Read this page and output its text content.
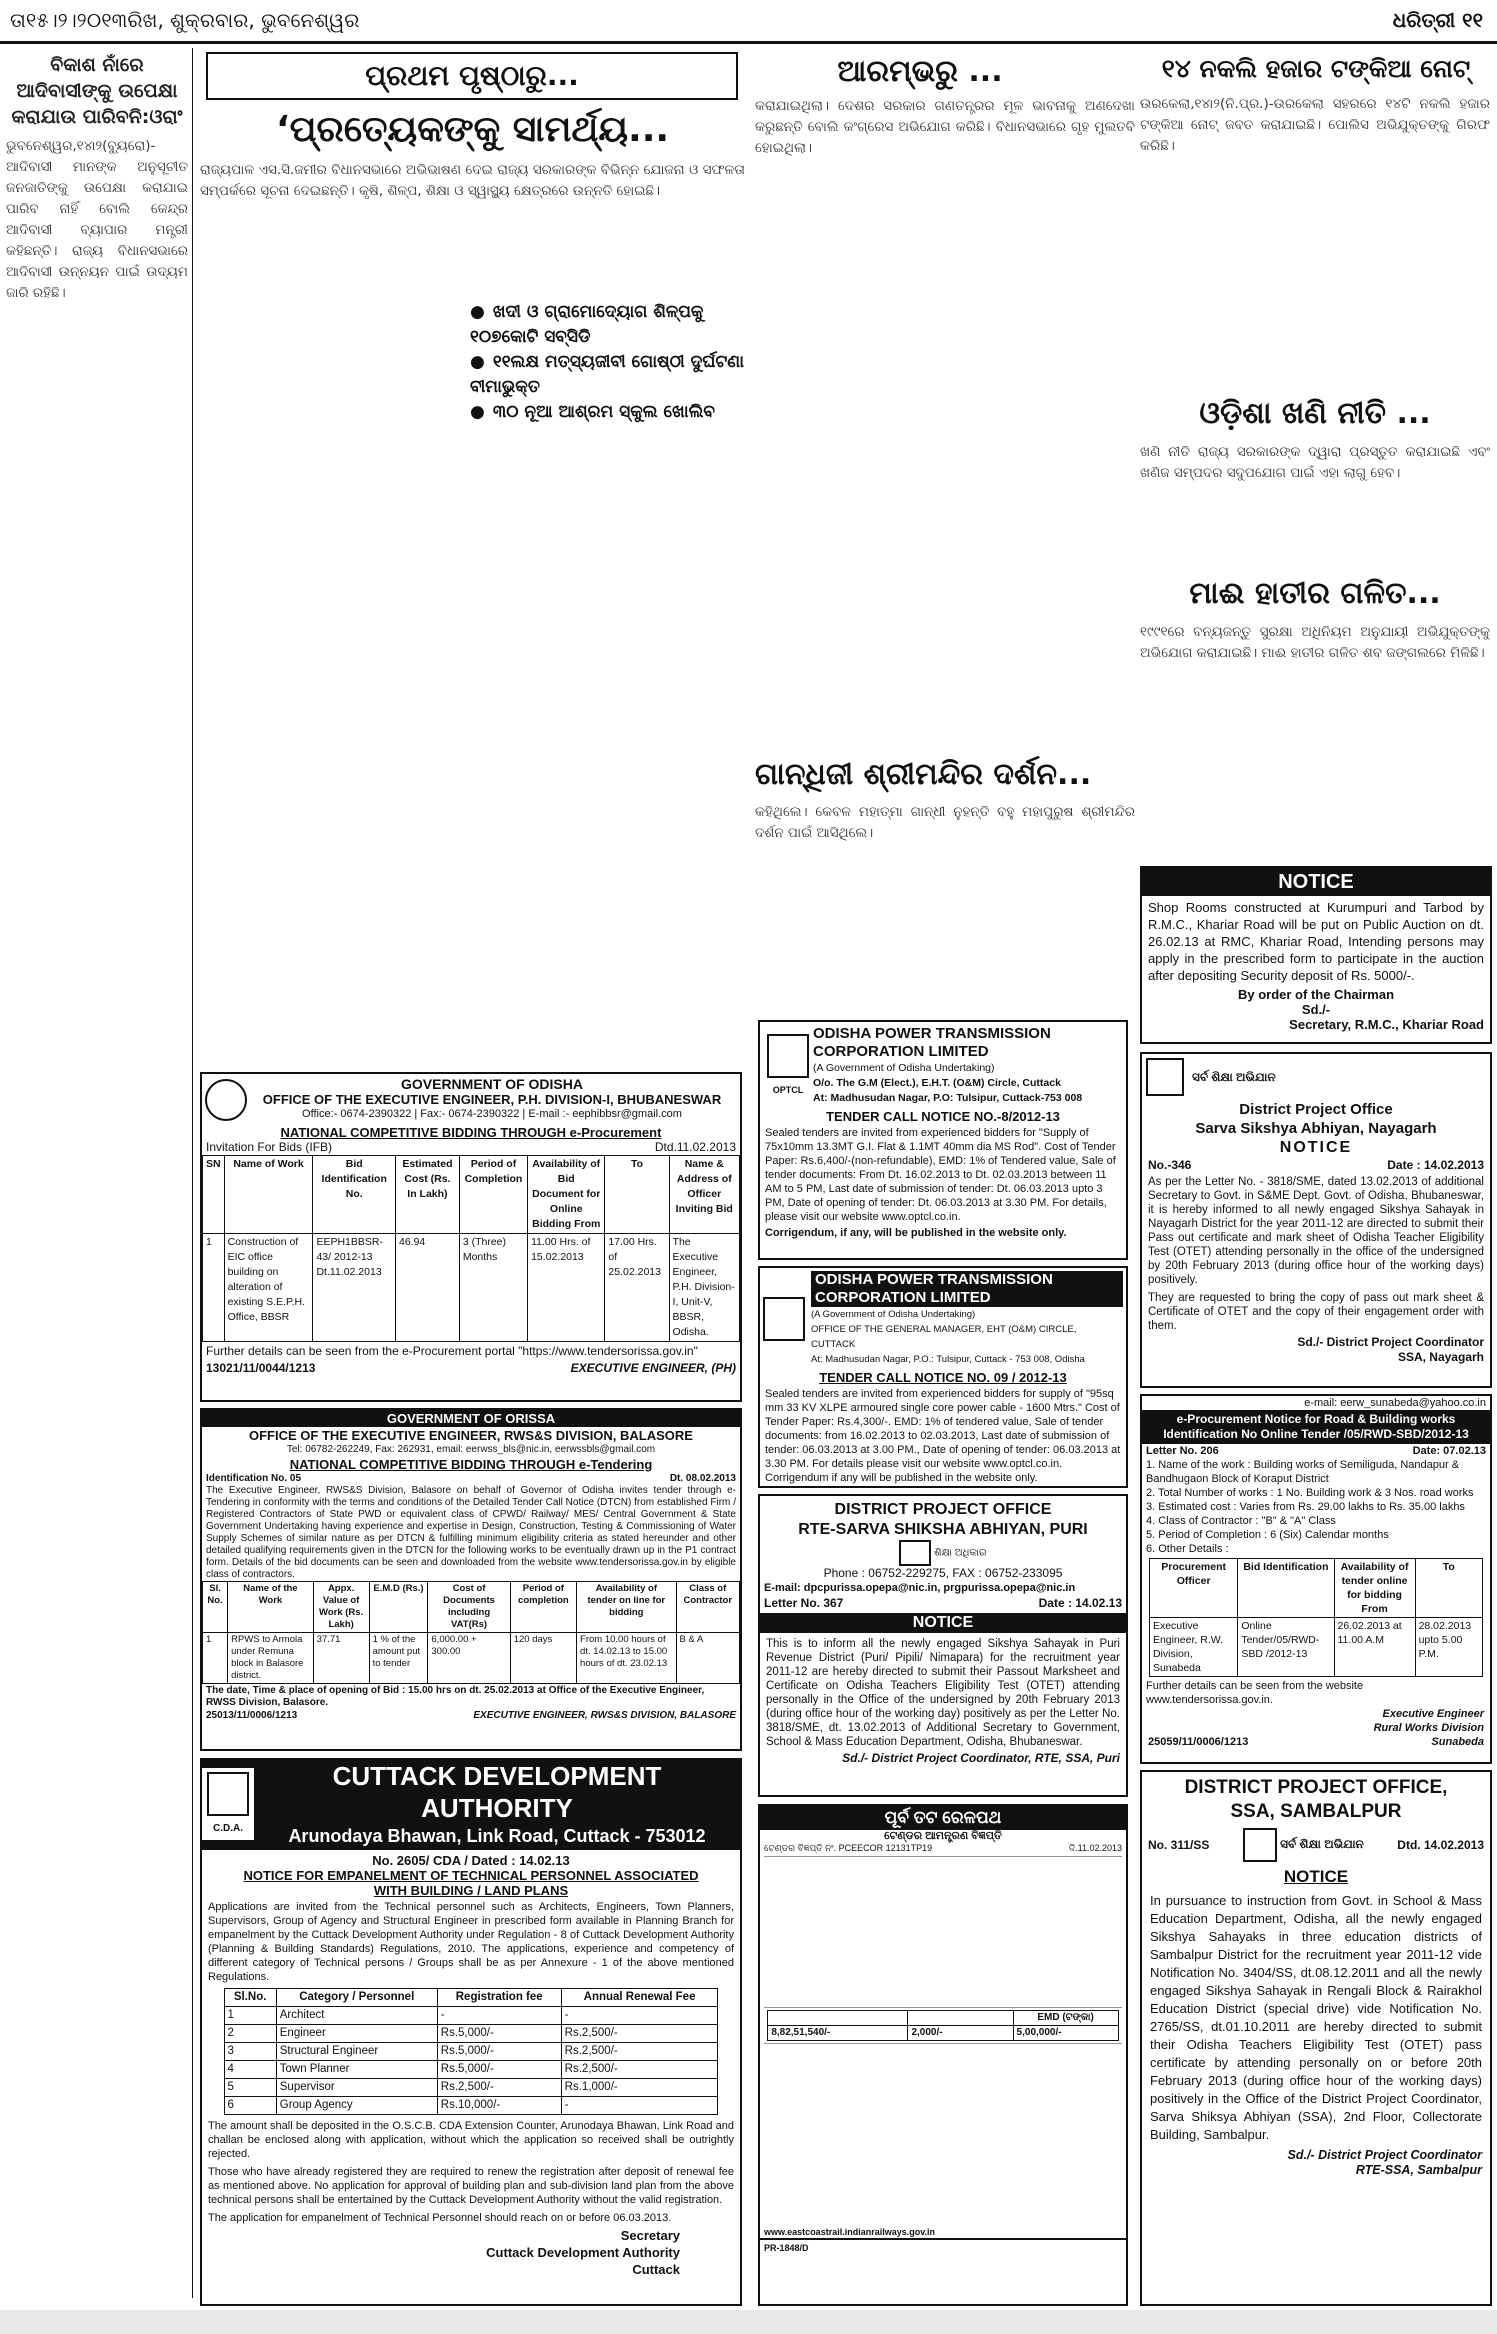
ତା୧୫।୨।୨୦୧୩ରିଖ, ଶୁକ୍ରବାର, ଭୁବନେଶ୍ୱର	ଧରିତ୍ରୀ ୧୧
ବିକାଶ ନାଁରେ ଆଦିବାସୀଙ୍କୁ ଉପେକ୍ଷା କରାଯାଉ ପାରିବନି:ଓରାଂ
ଭୁବନେଶ୍ୱର,୧୪ା୨(ବ୍ୟୁରୋ)- ଆଦିବାସୀ ମାନଙ୍କ ଅନୁସୂଚୀତ ଜନଜାତିଙ୍କୁ ଉପେକ୍ଷା କରାଯାଇ ପାରିବ ନାହିଁ ବୋଲି କେନ୍ଦ୍ର ଆଦିବାସୀ ବ୍ୟାପାର ମନ୍ତ୍ରୀ କହିଛନ୍ତି। ରାଜ୍ୟ ବିଧାନସଭାରେ ଆଦିବାସୀ ଉନ୍ନୟନ ପାଇଁ ଉଦ୍ୟମ ଜାରି ରହିଛି।
ପ୍ରଥମ ପୃଷ୍ଠାରୁ...
‘ପ୍ରତ୍ୟେକଙ୍କୁ ସାମର୍ଥ୍ୟ...
ରାଜ୍ୟପାଳ ଏସ.ସି.ଜମୀର ବିଧାନସଭାରେ ଅଭିଭାଷଣ ଦେଇ ରାଜ୍ୟ ସରକାରଙ୍କ ବିଭିନ୍ନ ଯୋଜନା ଓ ସଫଳତା ସମ୍ପର୍କରେ ସୂଚନା ଦେଇଛନ୍ତି। କୃଷି, ଶିଳ୍ପ, ଶିକ୍ଷା ଓ ସ୍ୱାସ୍ଥ୍ୟ କ୍ଷେତ୍ରରେ ଉନ୍ନତି ହୋଇଛି।
● ଖଦୀ ଓ ଗ୍ରାମୋଦ୍ୟୋଗ ଶିଳ୍ପକୁ ୧୦୭କୋଟି ସବ୍‌ସିଡି
● ୧୧ଲକ୍ଷ ମତ୍ସ୍ୟଜୀବୀ ଗୋଷ୍ଠୀ ଦୁର୍ଘଟଣା ବୀମାଭୁକ୍ତ
● ୩୦ ନୂଆ ଆଶ୍ରମ ସ୍କୁଲ ଖୋଲିବ
ଆରମ୍ଭରୁ ...
କରାଯାଇଥିଲା। ଦେଶର ସରକାର ଗଣତନ୍ତ୍ରର ମୂଳ ଭାବନାକୁ ଅଣଦେଖା କରୁଛନ୍ତି ବୋଲି କଂଗ୍ରେସ ଅଭିଯୋଗ କରିଛି। ବିଧାନସଭାରେ ଗୃହ ମୁଲତବି ହୋଇଥିଲା।
ଗାନ୍ଧିଜୀ ଶ୍ରୀମନ୍ଦିର ଦର୍ଶନ...
କହିଥିଲେ। କେବଳ ମହାତ୍ମା ଗାନ୍ଧୀ ନୁହନ୍ତି ବହୁ ମହାପୁରୁଷ ଶ୍ରୀମନ୍ଦିର ଦର୍ଶନ ପାଇଁ ଆସିଥିଲେ।
୧୪ ନକଲି ହଜାର ଟଙ୍କିଆ ନୋଟ୍
ଉରକେଲା,୧୪ା୨(ନି.ପ୍ର.)-ଉରକେଲା ସହରରେ ୧୪ଟି ନକଲି ହଜାର ଟଙ୍କିଆ ନୋଟ୍ ଜବତ କରାଯାଇଛି। ପୋଲିସ ଅଭିଯୁକ୍ତଙ୍କୁ ଗିରଫ କରିଛି।
ଓଡ଼ିଶା ଖଣି ନୀତି ...
ଖଣି ନୀତି ରାଜ୍ୟ ସରକାରଙ୍କ ଦ୍ୱାରା ପ୍ରସ୍ତୁତ କରାଯାଇଛି ଏବଂ ଖଣିଜ ସମ୍ପଦର ସଦୁପଯୋଗ ପାଇଁ ଏହା ଲାଗୁ ହେବ।
ମାଈ ହାତୀର ଗଳିତ...
୧୯୯୧ରେ ବନ୍ୟଜନ୍ତୁ ସୁରକ୍ଷା ଅଧିନିୟମ ଅନୁଯାୟୀ ଅଭିଯୁକ୍ତଙ୍କୁ ଅଭିଯୋଗ କରାଯାଇଛି। ମାଈ ହାତୀର ଗଳିତ ଶବ ଜଙ୍ଗଲରେ ମିଳିଛି।
GOVERNMENT OF ODISHA
OFFICE OF THE EXECUTIVE ENGINEER, P.H. DIVISION-I, BHUBANESWAR
Office:- 0674-2390322 | Fax:- 0674-2390322 | E-mail :- eephibbsr@gmail.com
NATIONAL COMPETITIVE BIDDING THROUGH e-Procurement
Invitation For Bids (IFB)	Dtd.11.02.2013
SN	Name of Work	Bid Identification No.	Estimated Cost (Rs. In Lakh)	Period of Completion	Availability of Bid Document for Online Bidding From	To	Name & Address of Officer Inviting Bid
1	Construction of EIC office building on alteration of existing S.E.P.H. Office, BBSR	EEPH1BBSR-43/ 2012-13 Dt.11.02.2013	46.94	3 (Three) Months	11.00 Hrs. of 15.02.2013	17.00 Hrs. of 25.02.2013	The Executive Engineer, P.H. Division-I, Unit-V, BBSR, Odisha.
Further details can be seen from the e-Procurement portal "https://www.tendersorissa.gov.in"
13021/11/0044/1213	EXECUTIVE ENGINEER, (PH)
GOVERNMENT OF ORISSA
OFFICE OF THE EXECUTIVE ENGINEER, RWS&S DIVISION, BALASORE
Tel: 06782-262249, Fax: 262931, email: eerwss_bls@nic.in, eerwssbls@gmail.com
NATIONAL COMPETITIVE BIDDING THROUGH e-Tendering
Identification No. 05	Dt. 08.02.2013
The Executive Engineer, RWS&S Division, Balasore on behalf of Governor of Odisha invites tender through e-Tendering in conformity with the terms and conditions of the Detailed Tender Call Notice (DTCN) from established Firm / Registered Contractors of State PWD or equivalent class of CPWD/ Railway/ MES/ Central Government & State Government Undertaking having experience and expertise in Design, Construction, Testing & Commissioning of Water Supply Schemes of similar nature as per DTCN & fulfilling minimum eligibility criteria as stated hereunder and other detailed qualifying requirements given in the DTCN for the following works to be eventually drawn up in the P1 contract form. Details of the bid documents can be seen and downloaded from the website www.tendersorissa.gov.in by eligible class of contractors.
Sl. No.	Name of the Work	Appx. Value of Work (Rs. Lakh)	E.M.D (Rs.)	Cost of Documents including VAT(Rs)	Period of completion	Availability of tender on line for bidding	Class of Contractor
1	RPWS to Armola under Remuna block in Balasore district.	37.71	1 % of the amount put to tender	6,000.00 + 300.00	120 days	From 10.00 hours of dt. 14.02.13 to 15.00 hours of dt. 23.02.13	B & A
The date, Time & place of opening of Bid : 15.00 hrs on dt. 25.02.2013 at Office of the Executive Engineer, RWSS Division, Balasore.
25013/11/0006/1213	EXECUTIVE ENGINEER, RWS&S DIVISION, BALASORE
C.D.A.
CUTTACK DEVELOPMENT AUTHORITY
Arunodaya Bhawan, Link Road, Cuttack - 753012
No. 2605/ CDA / Dated : 14.02.13
NOTICE FOR EMPANELMENT OF TECHNICAL PERSONNEL ASSOCIATED WITH BUILDING / LAND PLANS
Applications are invited from the Technical personnel such as Architects, Engineers, Town Planners, Supervisors, Group of Agency and Structural Engineer in prescribed form available in Planning Branch for empanelment by the Cuttack Development Authority under Regulation - 8 of Cuttack Development Authority (Planning & Building Standards) Regulations, 2010. The applications, experience and competency of different category of Technical persons / Groups shall be as per Annexure - 1 of the above mentioned Regulations.
Sl.No.	Category / Personnel	Registration fee	Annual Renewal Fee
1	Architect	-	-
2	Engineer	Rs.5,000/-	Rs.2,500/-
3	Structural Engineer	Rs.5,000/-	Rs.2,500/-
4	Town Planner	Rs.5,000/-	Rs.2,500/-
5	Supervisor	Rs.2,500/-	Rs.1,000/-
6	Group Agency	Rs.10,000/-	-
The amount shall be deposited in the O.S.C.B. CDA Extension Counter, Arunodaya Bhawan, Link Road and challan be enclosed along with application, without which the application so received shall be outrightly rejected.
Those who have already registered they are required to renew the registration after deposit of renewal fee as mentioned above. No application for approval of building plan and sub-division land plan from the above technical persons shall be entertained by the Cuttack Development Authority without the valid registration.
The application for empanelment of Technical Personnel should reach on or before 06.03.2013.
Secretary
Cuttack Development Authority
Cuttack
OPTCL
ODISHA POWER TRANSMISSION
CORPORATION LIMITED
(A Government of Odisha Undertaking)
O/o. The G.M (Elect.), E.H.T. (O&M) Circle, Cuttack
At: Madhusudan Nagar, P.O: Tulsipur, Cuttack-753 008
TENDER CALL NOTICE NO.-8/2012-13
Sealed tenders are invited from experienced bidders for "Supply of 75x10mm 13.3MT G.I. Flat & 1.1MT 40mm dia MS Rod". Cost of Tender Paper: Rs.6,400/-(non-refundable), EMD: 1% of Tendered value, Sale of tender documents: From Dt. 16.02.2013 to Dt. 02.03.2013 between 11 AM to 5 PM, Last date of submission of tender: Dt. 06.03.2013 upto 3 PM, Date of opening of tender: Dt. 06.03.2013 at 3.30 PM. For details, please visit our website www.optcl.co.in.
Corrigendum, if any, will be published in the website only.
ODISHA POWER TRANSMISSION
CORPORATION LIMITED
(A Government of Odisha Undertaking)
OFFICE OF THE GENERAL MANAGER, EHT (O&M) CIRCLE, CUTTACK
At: Madhusudan Nagar, P.O.: Tulsipur, Cuttack - 753 008, Odisha
TENDER CALL NOTICE NO. 09 / 2012-13
Sealed tenders are invited from experienced bidders for supply of "95sq mm 33 KV XLPE armoured single core power cable - 1600 Mtrs." Cost of Tender Paper: Rs.4,300/-. EMD: 1% of tendered value, Sale of tender documents: from 16.02.2013 to 02.03.2013, Last date of submission of tender: 06.03.2013 at 3.00 PM., Date of opening of tender: 06.03.2013 at 3.30 PM. For details please visit our website www.optcl.co.in. Corrigendum if any will be published in the website only.
DISTRICT PROJECT OFFICE
RTE-SARVA SHIKSHA ABHIYAN, PURI
ଶିକ୍ଷା ଅଧିକାର
Phone : 06752-229275, FAX : 06752-233095
E-mail: dpcpurissa.opepa@nic.in, prgpurissa.opepa@nic.in
Letter No. 367	Date : 14.02.13
NOTICE
This is to inform all the newly engaged Sikshya Sahayak in Puri Revenue District (Puri/ Pipili/ Nimapara) for the recruitment year 2011-12 are hereby directed to submit their Passout Marksheet and Certificate on Odisha Teachers Eligibility Test (OTET) attending personally in the Office of the undersigned by 20th February 2013 (during office hour of the working day) positively as per the Letter No. 3818/SME, dt. 13.02.2013 of Additional Secretary to Government, School & Mass Education Department, Odisha, Bhubaneswar.
Sd./- District Project Coordinator, RTE, SSA, Puri
ପୂର୍ବ ତଟ ରେଳପଥ
ଟେଣ୍ଡର ଆମନ୍ତ୍ରଣ ବିଜ୍ଞପ୍ତି
ଟେଣ୍ଡର ବିଜ୍ଞପ୍ତି ନଂ. PCEECOR 12131TP19	ଦି.11.02.2013
		EMD (ଟଙ୍କା)
8,82,51,540/-	2,000/-	5,00,000/-
www.eastcoastrail.indianrailways.gov.in
PR-1848/D
NOTICE
Shop Rooms constructed at Kurumpuri and Tarbod by R.M.C., Khariar Road will be put on Public Auction on dt. 26.02.13 at RMC, Khariar Road, Intending persons may apply in the prescribed form to participate in the auction after depositing Security deposit of Rs. 5000/-.
By order of the Chairman
Sd./-
Secretary, R.M.C., Khariar Road
ସର୍ବ ଶିକ୍ଷା ଅଭିଯାନ
District Project Office
Sarva Sikshya Abhiyan, Nayagarh
NOTICE
No.-346	Date : 14.02.2013
As per the Letter No. - 3818/SME, dated 13.02.2013 of additional Secretary to Govt. in S&ME Dept. Govt. of Odisha, Bhubaneswar, it is hereby informed to all newly engaged Sikshya Sahayak in Nayagarh District for the year 2011-12 are directed to submit their Pass out certificate and mark sheet of Odisha Teacher Eligibility Test (OTET) attending personally in the office of the undersigned by 20th February 2013 (during office hour of the working days) positively.
They are requested to bring the copy of pass out mark sheet & Certificate of OTET and the copy of their engagement order with them.
Sd./- District Project Coordinator
SSA, Nayagarh
e-mail: eerw_sunabeda@yahoo.co.in
e-Procurement Notice for Road & Building works Identification No Online Tender /05/RWD-SBD/2012-13
Letter No. 206	Date: 07.02.13
1. Name of the work : Building works of Semiliguda, Nandapur & Bandhugaon Block of Koraput District
2. Total Number of works : 1 No. Building work & 3 Nos. road works
3. Estimated cost : Varies from Rs. 29.00 lakhs to Rs. 35.00 lakhs
4. Class of Contractor : "B" & "A" Class
5. Period of Completion : 6 (Six) Calendar months
6. Other Details :
Procurement Officer	Bid Identification	Availability of tender online for bidding From	To
Executive Engineer, R.W. Division, Sunabeda	Online Tender/05/RWD-SBD /2012-13	26.02.2013 at 11.00 A.M	28.02.2013 upto 5.00 P.M.
Further details can be seen from the website www.tendersorissa.gov.in.
Executive Engineer
Rural Works Division
25059/11/0006/1213	Sunabeda
DISTRICT PROJECT OFFICE,
SSA, SAMBALPUR
No. 311/SS	ସର୍ବ ଶିକ୍ଷା ଅଭିଯାନ	Dtd. 14.02.2013
NOTICE
In pursuance to instruction from Govt. in School & Mass Education Department, Odisha, all the newly engaged Sikshya Sahayaks in three education districts of Sambalpur District for the recruitment year 2011-12 vide Notification No. 3404/SS, dt.08.12.2011 and all the newly engaged Sikshya Sahayak in Rengali Block & Rairakhol Education District (special drive) vide Notification No. 2765/SS, dt.01.10.2011 are hereby directed to submit their Odisha Teachers Eligibility Test (OTET) pass certificate by attending personally on or before 20th February 2013 (during office hour of the working days) positively in the Office of the District Project Coordinator, Sarva Shiksya Abhiyan (SSA), 2nd Floor, Collectorate Building, Sambalpur.
Sd./- District Project Coordinator
RTE-SSA, Sambalpur
